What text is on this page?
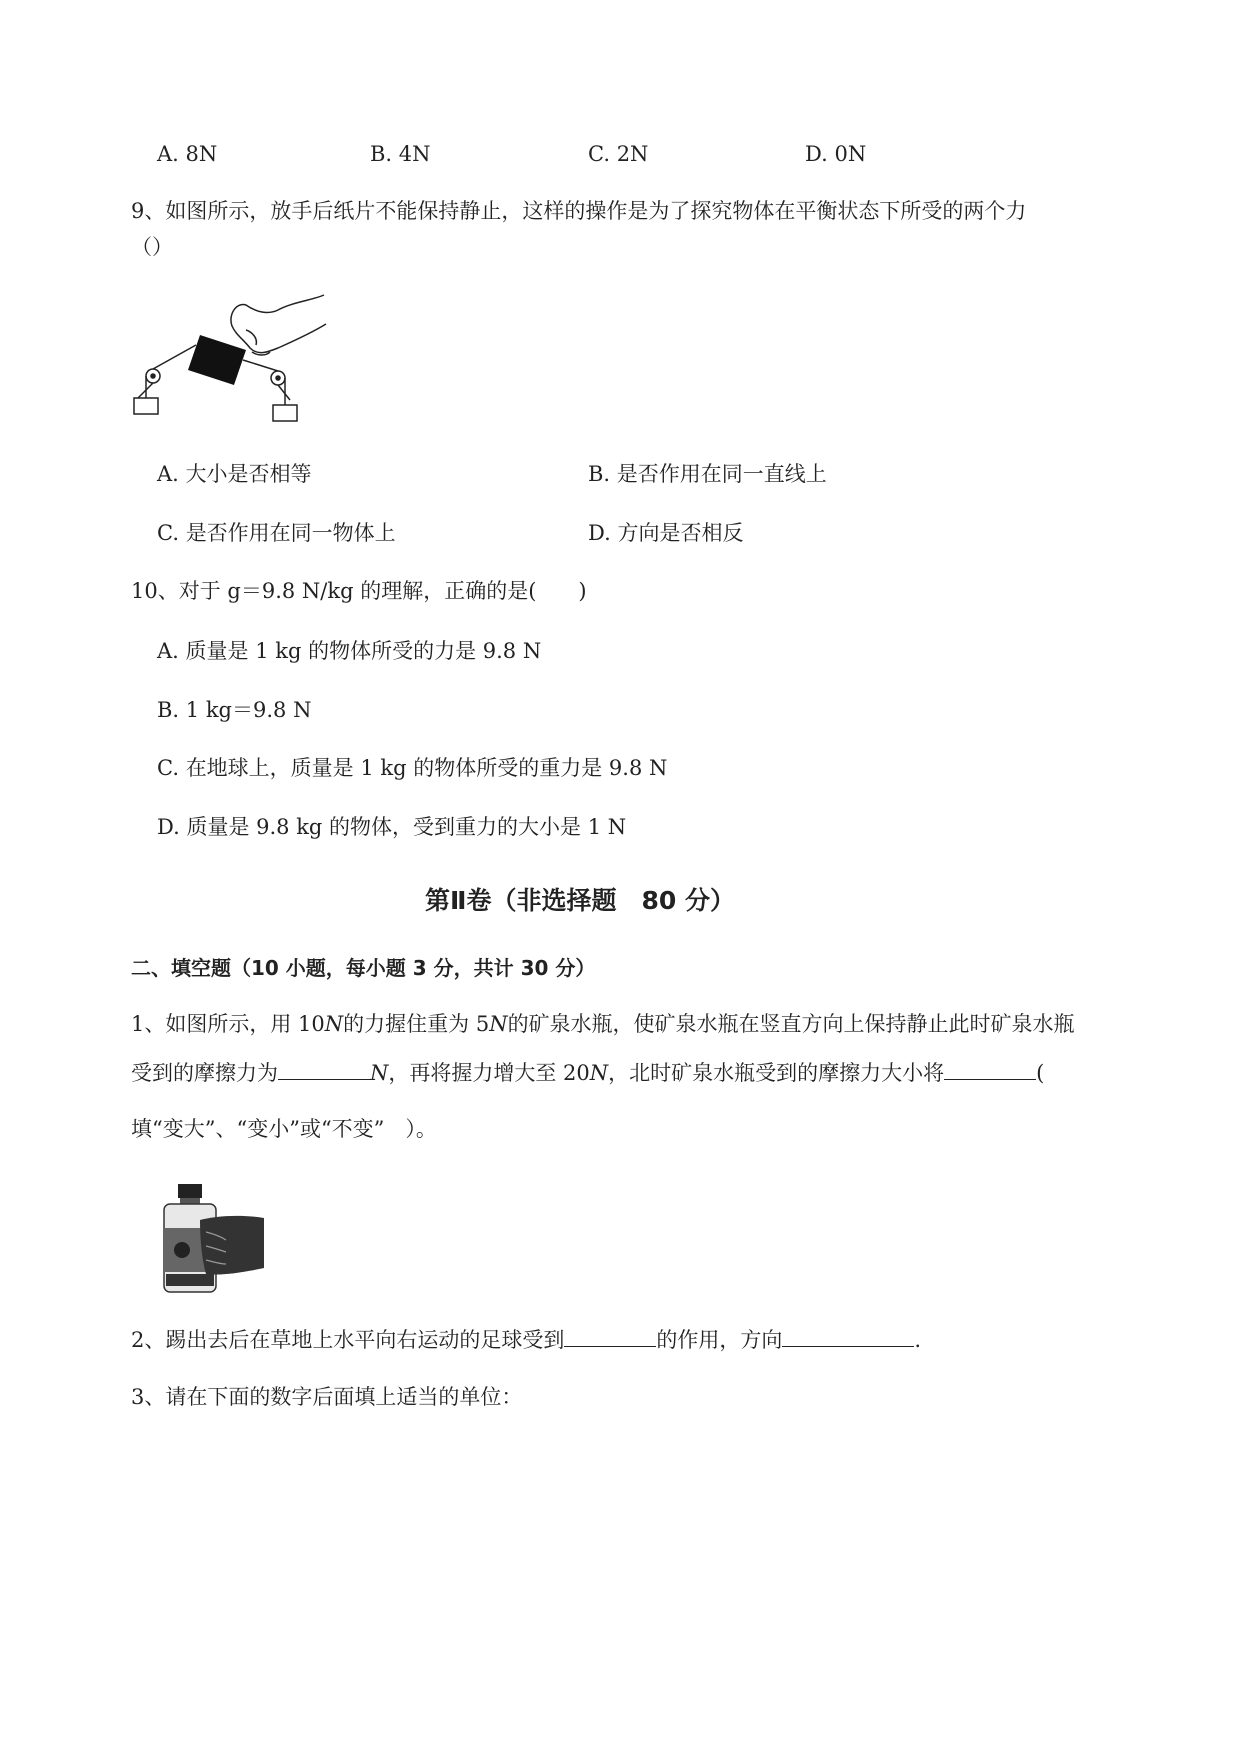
A. 8N	B. 4N	C. 2N	D. 0N
9、如图所示，放手后纸片不能保持静止，这样的操作是为了探究物体在平衡状态下所受的两个力
（）
A. 大小是否相等	B. 是否作用在同一直线上
C. 是否作用在同一物体上	D. 方向是否相反
10、对于 g＝9.8 N/kg 的理解，正确的是(　　)
A. 质量是 1 kg 的物体所受的力是 9.8 N
B. 1 kg＝9.8 N
C. 在地球上，质量是 1 kg 的物体所受的重力是 9.8 N
D. 质量是 9.8 kg 的物体，受到重力的大小是 1 N
第Ⅱ卷（非选择题　80 分）
二、填空题（10 小题，每小题 3 分，共计 30 分）
1、如图所示，用 10N的力握住重为 5N的矿泉水瓶，使矿泉水瓶在竖直方向上保持静止此时矿泉水瓶
受到的摩擦力为	N，再将握力增大至 20N，北时矿泉水瓶受到的摩擦力大小将	(
填“变大”、“变小”或“不变”　）。
2、踢出去后在草地上水平向右运动的足球受到	的作用，方向	.
3、请在下面的数字后面填上适当的单位：
